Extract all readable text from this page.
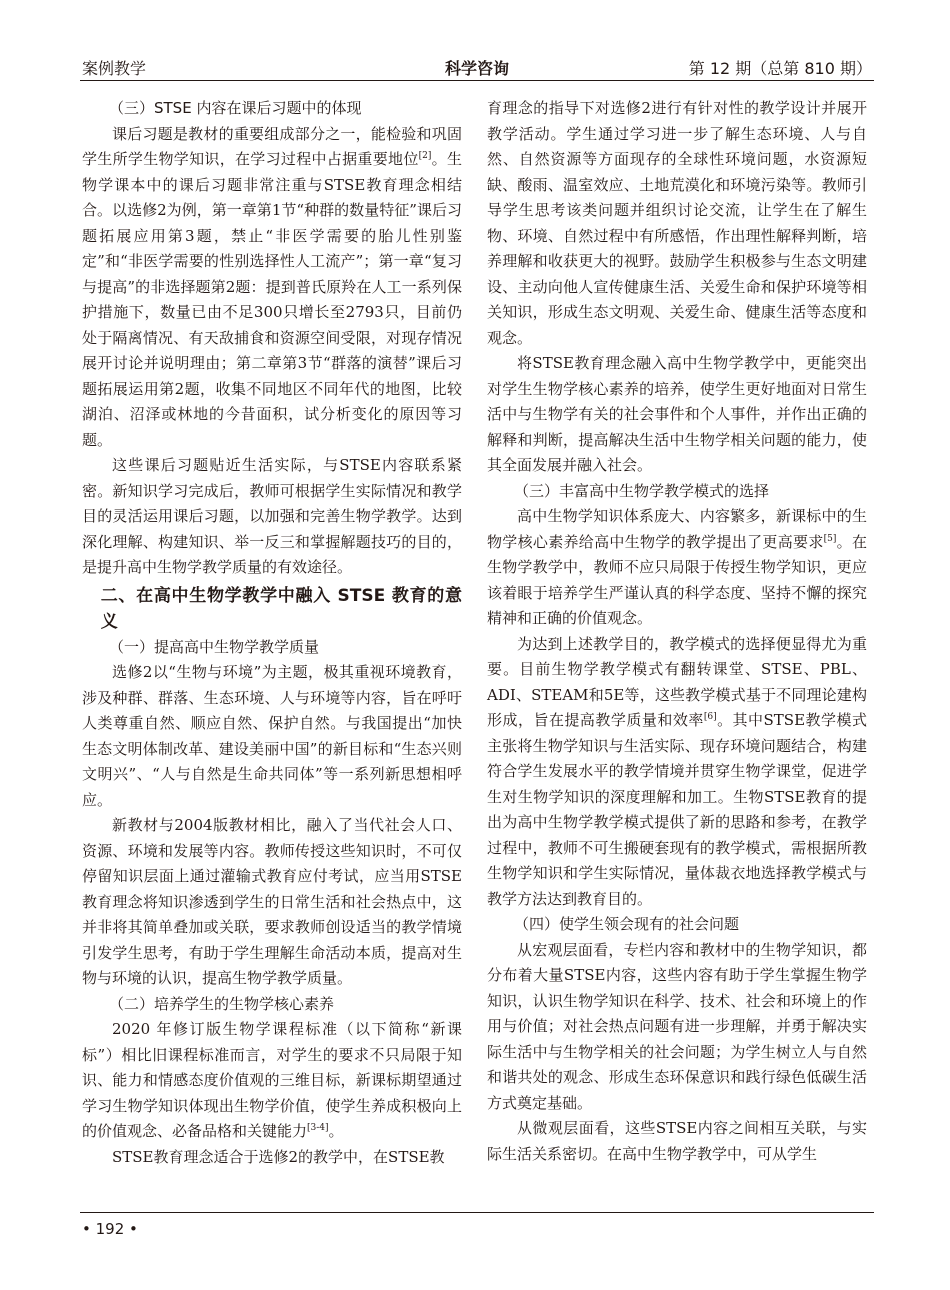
案例教学	科学咨询	第 12 期（总第 810 期）
（三）STSE 内容在课后习题中的体现

课后习题是教材的重要组成部分之一，能检验和巩固学生所学生物学知识，在学习过程中占据重要地位[2]。生物学课本中的课后习题非常注重与STSE教育理念相结合。以选修2为例，第一章第1节“种群的数量特征”课后习题拓展应用第3题，禁止“非医学需要的胎儿性别鉴定”和“非医学需要的性别选择性人工流产”；第一章“复习与提高”的非选择题第2题：提到普氏原羚在人工一系列保护措施下，数量已由不足300只增长至2793只，目前仍处于隔离情况、有天敌捕食和资源空间受限，对现存情况展开讨论并说明理由；第二章第3节“群落的演替”课后习题拓展运用第2题，收集不同地区不同年代的地图，比较湖泊、沼泽或林地的今昔面积，试分析变化的原因等习题。

这些课后习题贴近生活实际，与STSE内容联系紧密。新知识学习完成后，教师可根据学生实际情况和教学目的灵活运用课后习题，以加强和完善生物学教学。达到深化理解、构建知识、举一反三和掌握解题技巧的目的，是提升高中生物学教学质量的有效途径。

二、在高中生物学教学中融入 STSE 教育的意义
（一）提高高中生物学教学质量

选修2以“生物与环境”为主题，极其重视环境教育，涉及种群、群落、生态环境、人与环境等内容，旨在呼吁人类尊重自然、顺应自然、保护自然。与我国提出“加快生态文明体制改革、建设美丽中国”的新目标和“生态兴则文明兴”、“人与自然是生命共同体”等一系列新思想相呼应。

新教材与2004版教材相比，融入了当代社会人口、资源、环境和发展等内容。教师传授这些知识时，不可仅停留知识层面上通过灌输式教育应付考试，应当用STSE教育理念将知识渗透到学生的日常生活和社会热点中，这并非将其简单叠加或关联，要求教师创设适当的教学情境引发学生思考，有助于学生理解生命活动本质，提高对生物与环境的认识，提高生物学教学质量。

（二）培养学生的生物学核心素养

2020 年修订版生物学课程标准（以下简称“新课标”）相比旧课程标准而言，对学生的要求不只局限于知识、能力和情感态度价值观的三维目标，新课标期望通过学习生物学知识体现出生物学价值，使学生养成积极向上的价值观念、必备品格和关键能力[3-4]。

STSE教育理念适合于选修2的教学中，在STSE教

育理念的指导下对选修2进行有针对性的教学设计并展开教学活动。学生通过学习进一步了解生态环境、人与自然、自然资源等方面现存的全球性环境问题，水资源短缺、酸雨、温室效应、土地荒漠化和环境污染等。教师引导学生思考该类问题并组织讨论交流，让学生在了解生物、环境、自然过程中有所感悟，作出理性解释判断，培养理解和收获更大的视野。鼓励学生积极参与生态文明建设、主动向他人宣传健康生活、关爱生命和保护环境等相关知识，形成生态文明观、关爱生命、健康生活等态度和观念。

将STSE教育理念融入高中生物学教学中，更能突出对学生生物学核心素养的培养，使学生更好地面对日常生活中与生物学有关的社会事件和个人事件，并作出正确的解释和判断，提高解决生活中生物学相关问题的能力，使其全面发展并融入社会。

（三）丰富高中生物学教学模式的选择

高中生物学知识体系庞大、内容繁多，新课标中的生物学核心素养给高中生物学的教学提出了更高要求[5]。在生物学教学中，教师不应只局限于传授生物学知识，更应该着眼于培养学生严谨认真的科学态度、坚持不懈的探究精神和正确的价值观念。

为达到上述教学目的，教学模式的选择便显得尤为重要。目前生物学教学模式有翻转课堂、STSE、PBL、ADI、STEAM和5E等，这些教学模式基于不同理论建构形成，旨在提高教学质量和效率[6]。其中STSE教学模式主张将生物学知识与生活实际、现存环境问题结合，构建符合学生发展水平的教学情境并贯穿生物学课堂，促进学生对生物学知识的深度理解和加工。生物STSE教育的提出为高中生物学教学模式提供了新的思路和参考，在教学过程中，教师不可生搬硬套现有的教学模式，需根据所教生物学知识和学生实际情况，量体裁衣地选择教学模式与教学方法达到教育目的。

（四）使学生领会现有的社会问题

从宏观层面看，专栏内容和教材中的生物学知识，都分布着大量STSE内容，这些内容有助于学生掌握生物学知识，认识生物学知识在科学、技术、社会和环境上的作用与价值；对社会热点问题有进一步理解，并勇于解决实际生活中与生物学相关的社会问题；为学生树立人与自然和谐共处的观念、形成生态环保意识和践行绿色低碳生活方式奠定基础。

从微观层面看，这些STSE内容之间相互关联，与实际生活关系密切。在高中生物学教学中，可从学生

• 192 •
